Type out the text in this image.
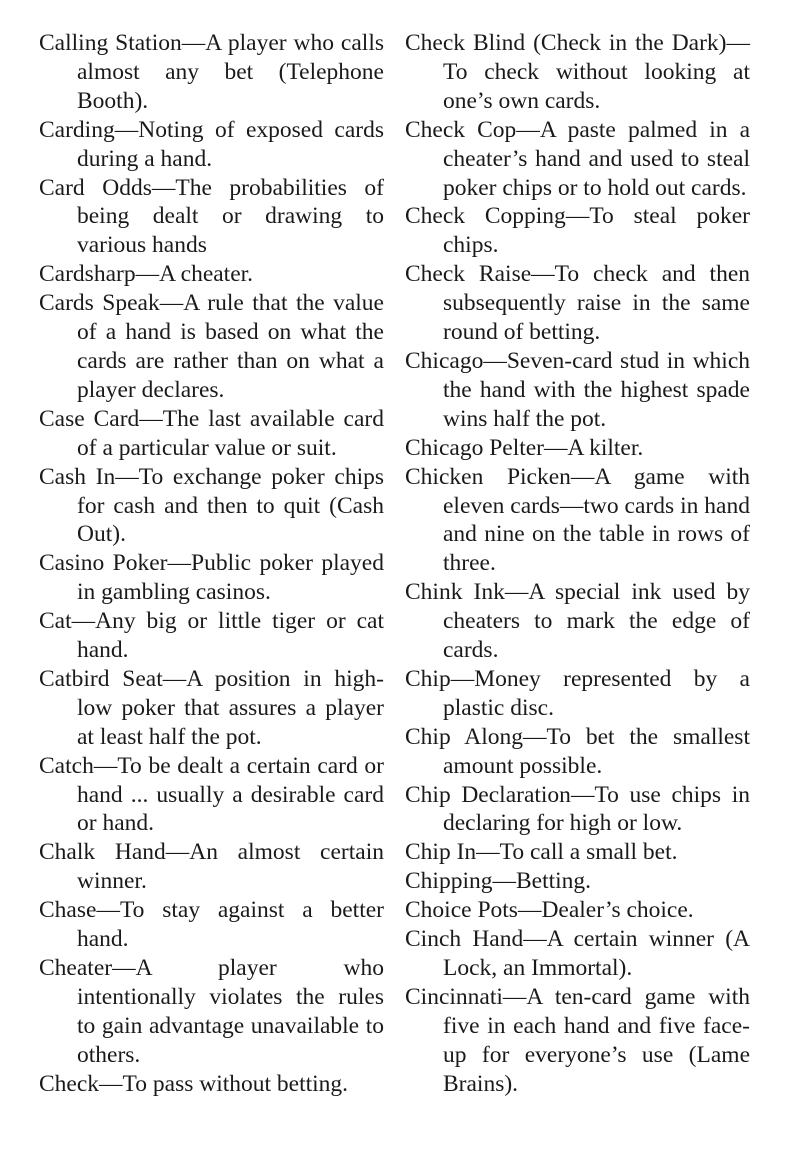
Calling Station—A player who calls almost any bet (Telephone Booth).

Carding—Noting of exposed cards during a hand.

Card Odds—The probabilities of being dealt or drawing to various hands

Cardsharp—A cheater.

Cards Speak—A rule that the value of a hand is based on what the cards are rather than on what a player declares.

Case Card—The last available card of a particular value or suit.

Cash In—To exchange poker chips for cash and then to quit (Cash Out).

Casino Poker—Public poker played in gambling casinos.

Cat—Any big or little tiger or cat hand.

Catbird Seat—A position in high-low poker that assures a player at least half the pot.

Catch—To be dealt a certain card or hand ... usually a desirable card or hand.

Chalk Hand—An almost certain winner.

Chase—To stay against a better hand.

Cheater—A player who intentionally violates the rules to gain advantage unavailable to others.

Check—To pass without betting.

Check Blind (Check in the Dark)—To check without looking at one’s own cards.

Check Cop—A paste palmed in a cheater’s hand and used to steal poker chips or to hold out cards.

Check Copping—To steal poker chips.

Check Raise—To check and then subsequently raise in the same round of betting.

Chicago—Seven-card stud in which the hand with the highest spade wins half the pot.

Chicago Pelter—A kilter.

Chicken Picken—A game with eleven cards—two cards in hand and nine on the table in rows of three.

Chink Ink—A special ink used by cheaters to mark the edge of cards.

Chip—Money represented by a plastic disc.

Chip Along—To bet the smallest amount possible.

Chip Declaration—To use chips in declaring for high or low.

Chip In—To call a small bet.

Chipping—Betting.

Choice Pots—Dealer’s choice.

Cinch Hand—A certain winner (A Lock, an Immortal).

Cincinnati—A ten-card game with five in each hand and five face-up for everyone’s use (Lame Brains).
